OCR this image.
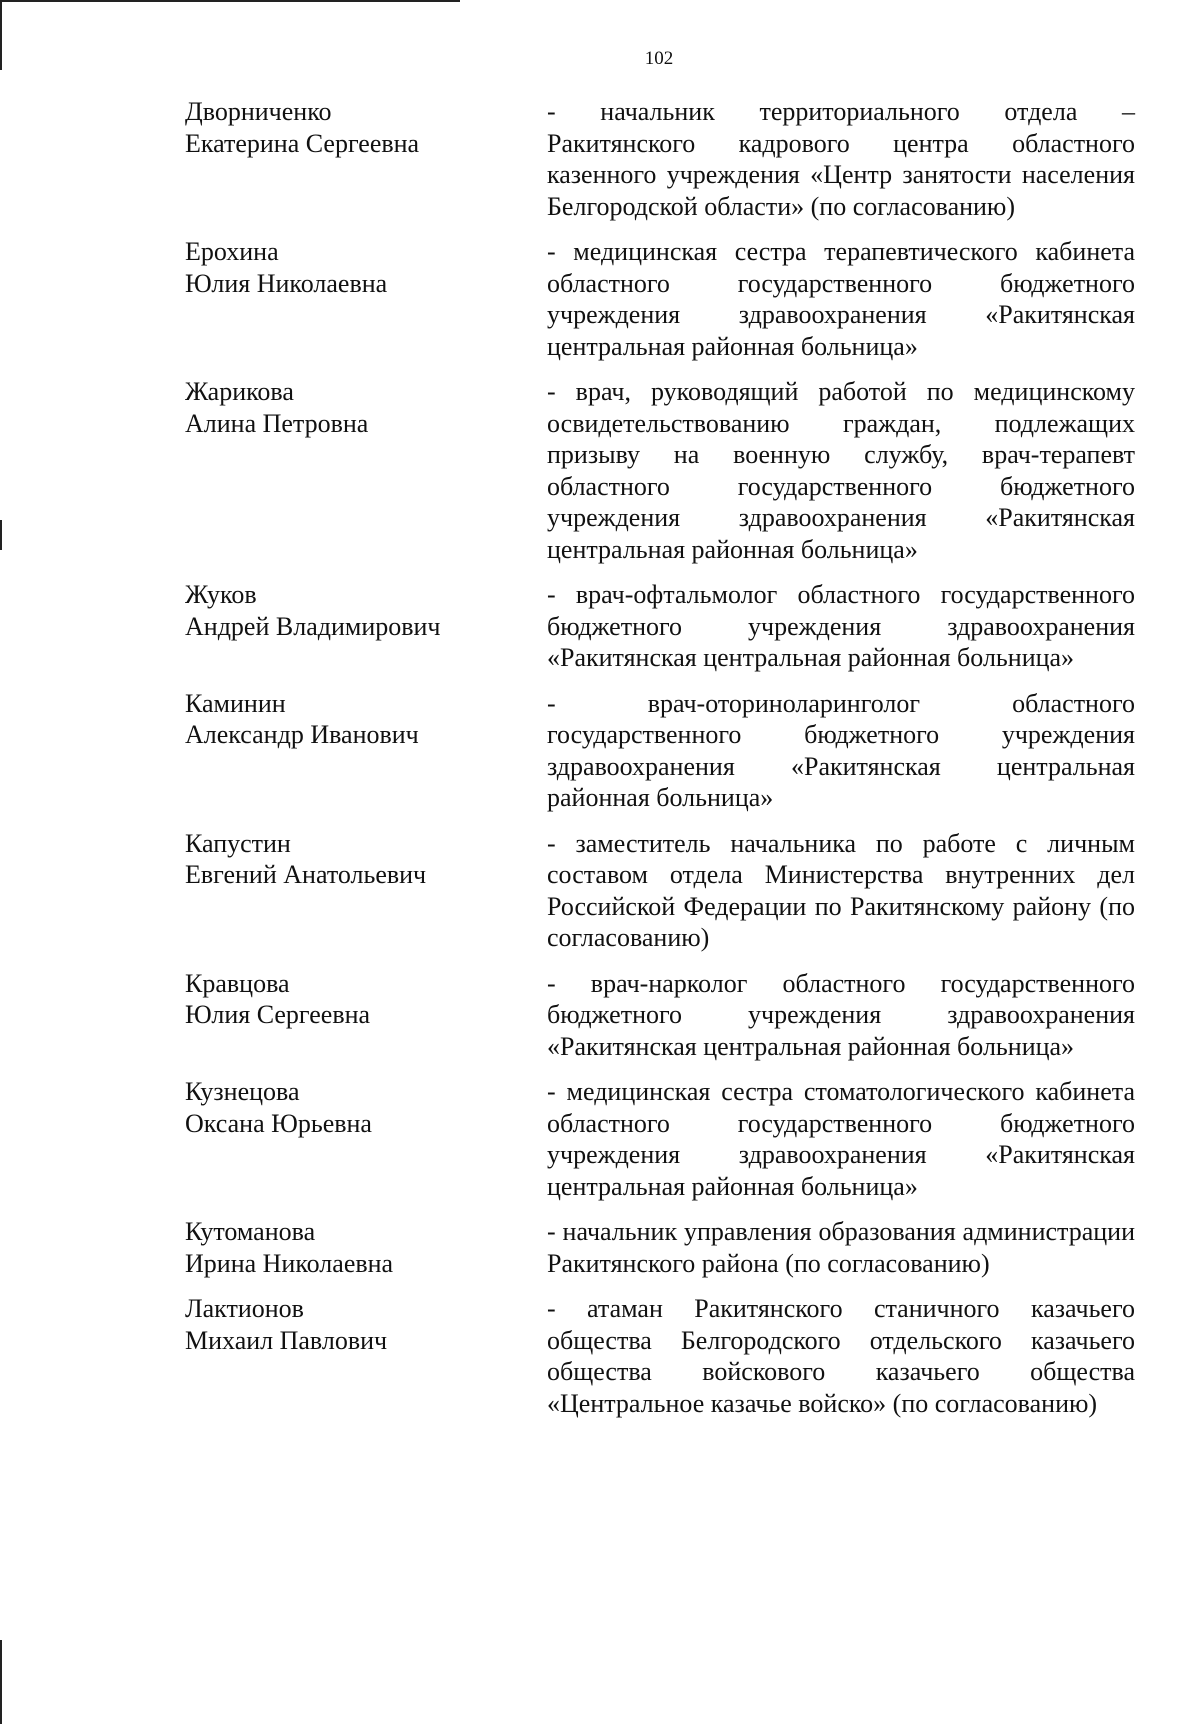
102
Дворниченко
Екатерина Сергеевна
- начальник территориального отдела – Ракитянского кадрового центра областного казенного учреждения «Центр занятости населения Белгородской области» (по согласованию)
Ерохина
Юлия Николаевна
- медицинская сестра терапевтического кабинета областного государственного бюджетного учреждения здравоохранения «Ракитянская центральная районная больница»
Жарикова
Алина Петровна
- врач, руководящий работой по медицинскому освидетельствованию граждан, подлежащих призыву на военную службу, врач-терапевт областного государственного бюджетного учреждения здравоохранения «Ракитянская центральная районная больница»
Жуков
Андрей Владимирович
- врач-офтальмолог областного государственного бюджетного учреждения здравоохранения «Ракитянская центральная районная больница»
Каминин
Александр Иванович
- врач-оториноларинголог областного государственного бюджетного учреждения здравоохранения «Ракитянская центральная районная больница»
Капустин
Евгений Анатольевич
- заместитель начальника по работе с личным составом отдела Министерства внутренних дел Российской Федерации по Ракитянскому району (по согласованию)
Кравцова
Юлия Сергеевна
- врач-нарколог областного государственного бюджетного учреждения здравоохранения «Ракитянская центральная районная больница»
Кузнецова
Оксана Юрьевна
- медицинская сестра стоматологического кабинета областного государственного бюджетного учреждения здравоохранения «Ракитянская центральная районная больница»
Кутоманова
Ирина Николаевна
- начальник управления образования администрации Ракитянского района (по согласованию)
Лактионов
Михаил Павлович
- атаман Ракитянского станичного казачьего общества Белгородского отдельского казачьего общества войскового казачьего общества «Центральное казачье войско» (по согласованию)
